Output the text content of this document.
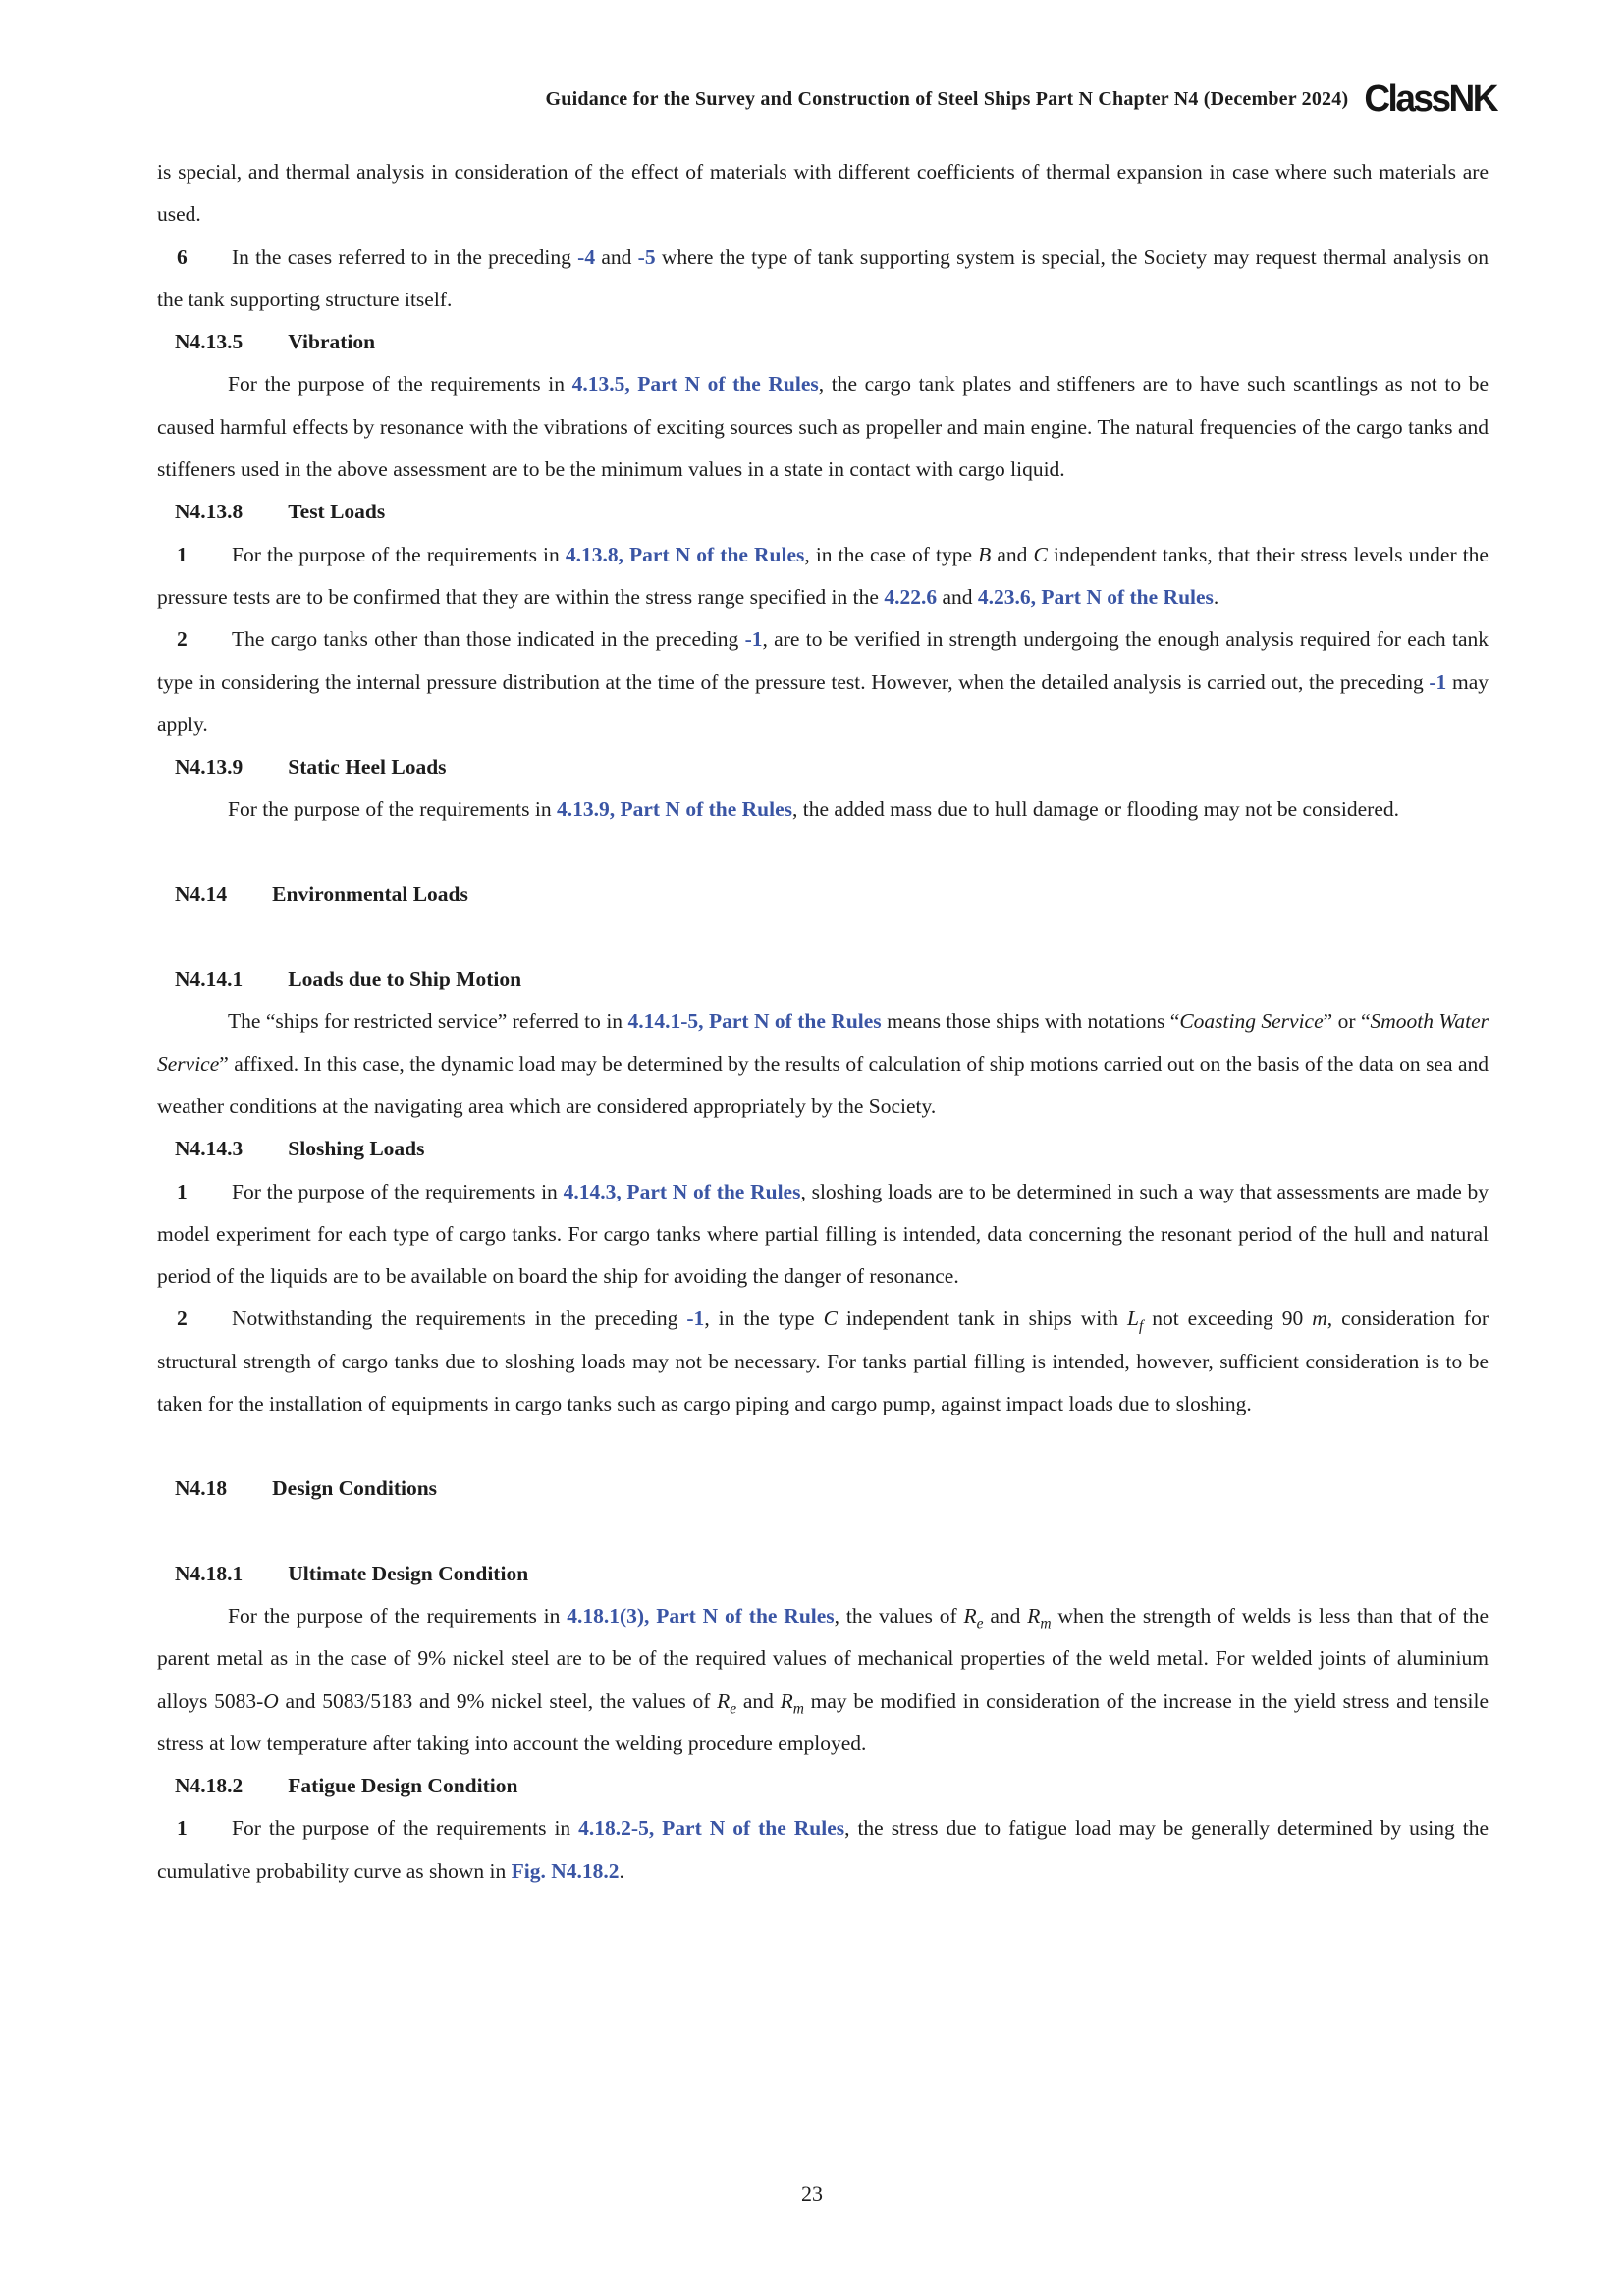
Guidance for the Survey and Construction of Steel Ships Part N Chapter N4 (December 2024) ClassNK

is special, and thermal analysis in consideration of the effect of materials with different coefficients of thermal expansion in case where such materials are used.

6 In the cases referred to in the preceding -4 and -5 where the type of tank supporting system is special, the Society may request thermal analysis on the tank supporting structure itself.

N4.13.5 Vibration

For the purpose of the requirements in 4.13.5, Part N of the Rules, the cargo tank plates and stiffeners are to have such scantlings as not to be caused harmful effects by resonance with the vibrations of exciting sources such as propeller and main engine. The natural frequencies of the cargo tanks and stiffeners used in the above assessment are to be the minimum values in a state in contact with cargo liquid.

N4.13.8 Test Loads

1 For the purpose of the requirements in 4.13.8, Part N of the Rules, in the case of type B and C independent tanks, that their stress levels under the pressure tests are to be confirmed that they are within the stress range specified in the 4.22.6 and 4.23.6, Part N of the Rules.

2 The cargo tanks other than those indicated in the preceding -1, are to be verified in strength undergoing the enough analysis required for each tank type in considering the internal pressure distribution at the time of the pressure test. However, when the detailed analysis is carried out, the preceding -1 may apply.

N4.13.9 Static Heel Loads

For the purpose of the requirements in 4.13.9, Part N of the Rules, the added mass due to hull damage or flooding may not be considered.

N4.14 Environmental Loads
N4.14.1 Loads due to Ship Motion

The “ships for restricted service” referred to in 4.14.1-5, Part N of the Rules means those ships with notations “Coasting Service” or “Smooth Water Service” affixed. In this case, the dynamic load may be determined by the results of calculation of ship motions carried out on the basis of the data on sea and weather conditions at the navigating area which are considered appropriately by the Society.

N4.14.3 Sloshing Loads

1 For the purpose of the requirements in 4.14.3, Part N of the Rules, sloshing loads are to be determined in such a way that assessments are made by model experiment for each type of cargo tanks. For cargo tanks where partial filling is intended, data concerning the resonant period of the hull and natural period of the liquids are to be available on board the ship for avoiding the danger of resonance.

2 Notwithstanding the requirements in the preceding -1, in the type C independent tank in ships with $L_f$ not exceeding 90 m, consideration for structural strength of cargo tanks due to sloshing loads may not be necessary. For tanks partial filling is intended, however, sufficient consideration is to be taken for the installation of equipments in cargo tanks such as cargo piping and cargo pump, against impact loads due to sloshing.

N4.18 Design Conditions
N4.18.1 Ultimate Design Condition

For the purpose of the requirements in 4.18.1(3), Part N of the Rules, the values of $R_e$ and $R_m$ when the strength of welds is less than that of the parent metal as in the case of 9% nickel steel are to be of the required values of mechanical properties of the weld metal. For welded joints of aluminium alloys 5083-O and 5083/5183 and 9% nickel steel, the values of $R_e$ and $R_m$ may be modified in consideration of the increase in the yield stress and tensile stress at low temperature after taking into account the welding procedure employed.

N4.18.2 Fatigue Design Condition

1 For the purpose of the requirements in 4.18.2-5, Part N of the Rules, the stress due to fatigue load may be generally determined by using the cumulative probability curve as shown in Fig. N4.18.2.

23
